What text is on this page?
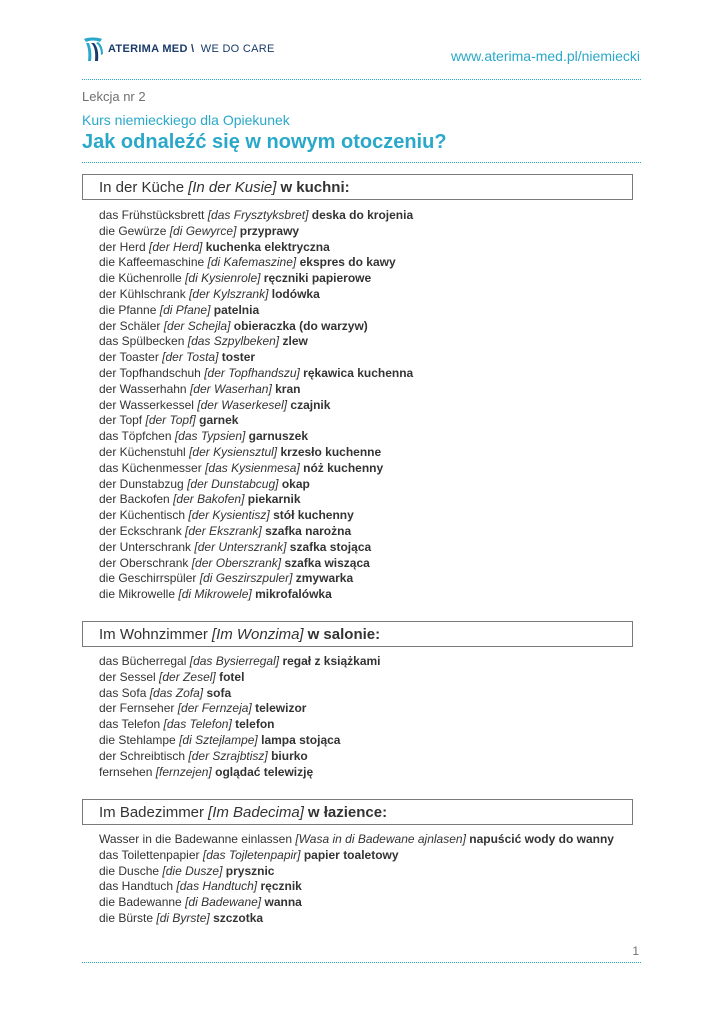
ATERIMA MED \ WE DO CARE	www.aterima-med.pl/niemiecki
Lekcja nr 2
Kurs niemieckiego dla Opiekunek
Jak odnaleźć się w nowym otoczeniu?
In der Küche [In der Kusie] w kuchni:
das Frühstücksbrett [das Frysztyksbret] deska do krojenia
die Gewürze [di Gewyrce] przyprawy
der Herd [der Herd] kuchenka elektryczna
die Kaffeemaschine [di Kafemaszine] ekspres do kawy
die Küchenrolle [di Kysienrole] ręczniki papierowe
der Kühlschrank [der Kylszrank] lodówka
die Pfanne [di Pfane] patelnia
der Schäler [der Schejla] obieraczka (do warzyw)
das Spülbecken [das Szpylbeken] zlew
der Toaster [der Tosta] toster
der Topfhandschuh [der Topfhandszu] rękawica kuchenna
der Wasserhahn [der Waserhan] kran
der Wasserkessel [der Waserkesel] czajnik
der Topf [der Topf] garnek
das Töpfchen [das Typsien] garnuszek
der Küchenstuhl [der Kysiensztul] krzesło kuchenne
das Küchenmesser [das Kysienmesa] nóż kuchenny
der Dunstabzug [der Dunstabcug] okap
der Backofen [der Bakofen] piekarnik
der Küchentisch [der Kysientisz] stół kuchenny
der Eckschrank [der Ekszrank] szafka narożna
der Unterschrank [der Unterszrank] szafka stojąca
der Oberschrank [der Oberszrank] szafka wisząca
die Geschirrspüler [di Geszirszpuler] zmywarka
die Mikrowelle [di Mikrowele] mikrofalówka
Im Wohnzimmer [Im Wonzima] w salonie:
das Bücherregal [das Bysierregal] regał z książkami
der Sessel [der Zesel] fotel
das Sofa [das Zofa] sofa
der Fernseher [der Fernzeja] telewizor
das Telefon [das Telefon] telefon
die Stehlampe [di Sztejlampe] lampa stojąca
der Schreibtisch [der Szrajbtisz] biurko
fernsehen [fernzejen] oglądać telewizję
Im Badezimmer [Im Badecima] w łazience:
Wasser in die Badewanne einlassen [Wasa in di Badewane ajnlasen] napuścić wody do wanny
das Toilettenpapier [das Tojletenpapir] papier toaletowy
die Dusche [die Dusze] prysznic
das Handtuch [das Handtuch] ręcznik
die Badewanne [di Badewane] wanna
die Bürste [di Byrste] szczotka
1
